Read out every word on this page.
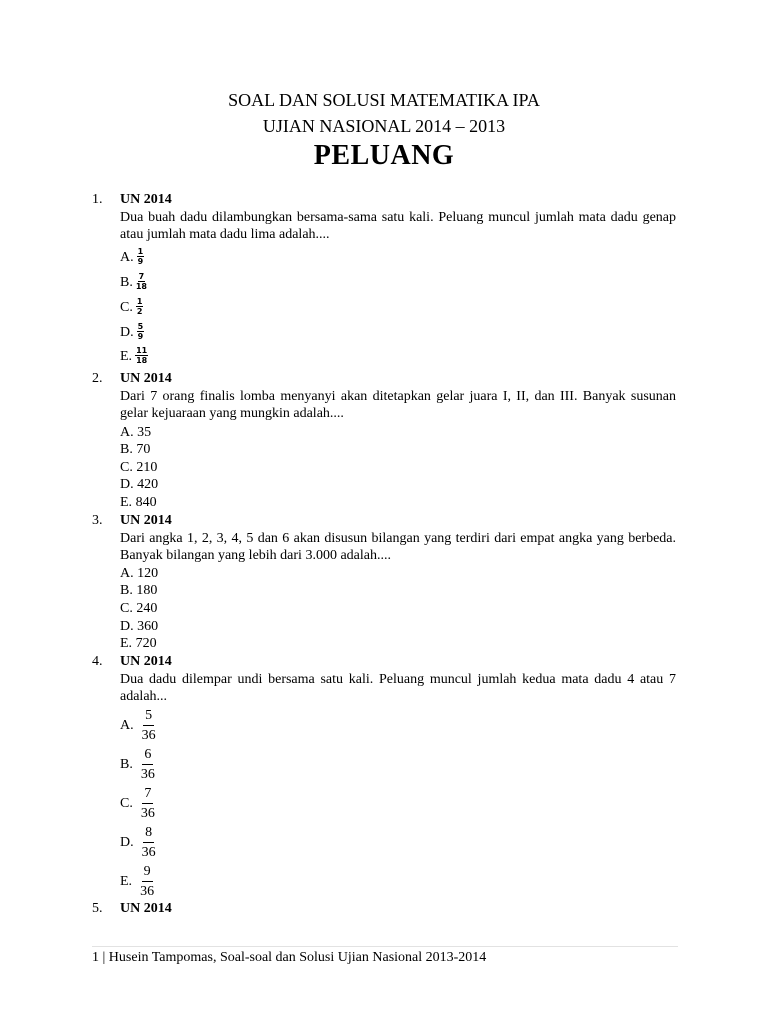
SOAL DAN SOLUSI MATEMATIKA IPA
UJIAN NASIONAL 2014 – 2013
PELUANG
1. UN 2014
Dua buah dadu dilambungkan bersama-sama satu kali. Peluang muncul jumlah mata dadu genap atau jumlah mata dadu lima adalah....
A. $\frac{1}{9}$
B. $\frac{7}{18}$
C. $\frac{1}{2}$
D. $\frac{5}{9}$
E. $\frac{11}{18}$
2. UN 2014
Dari 7 orang finalis lomba menyanyi akan ditetapkan gelar juara I, II, dan III. Banyak susunan gelar kejuaraan yang mungkin adalah....
A. 35
B. 70
C. 210
D. 420
E. 840
3. UN 2014
Dari angka 1, 2, 3, 4, 5 dan 6 akan disusun bilangan yang terdiri dari empat angka yang berbeda. Banyak bilangan yang lebih dari 3.000 adalah....
A. 120
B. 180
C. 240
D. 360
E. 720
4. UN 2014
Dua dadu dilempar undi bersama satu kali. Peluang muncul jumlah kedua mata dadu 4 atau 7 adalah...
A. $\frac{5}{36}$
B. $\frac{6}{36}$
C. $\frac{7}{36}$
D. $\frac{8}{36}$
E. $\frac{9}{36}$
5. UN 2014
1 | Husein Tampomas, Soal-soal dan Solusi Ujian Nasional 2013-2014
